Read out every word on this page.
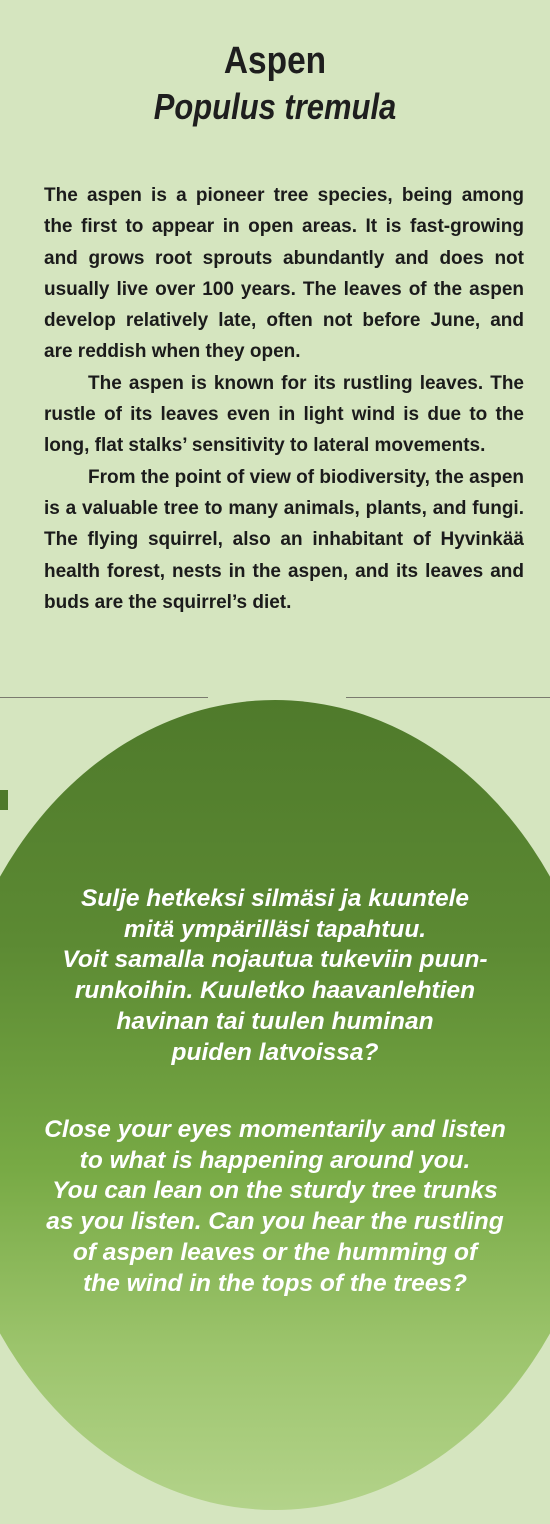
Aspen
Populus tremula

The aspen is a pioneer tree species, being among the first to appear in open areas. It is fast-growing and grows root sprouts abundantly and does not usually live over 100 years. The leaves of the aspen develop relatively late, often not before June, and are reddish when they open.

The aspen is known for its rustling leaves. The rustle of its leaves even in light wind is due to the long, flat stalks’ sensitivity to lateral movements.

From the point of view of biodiversity, the aspen is a valuable tree to many animals, plants, and fungi. The flying squirrel, also an inhabitant of Hyvinkää health forest, nests in the aspen, and its leaves and buds are the squirrel’s diet.

Sulje hetkeksi silmäsi ja kuuntele
mitä ympärilläsi tapahtuu.
Voit samalla nojautua tukeviin puun-
runkoihin. Kuuletko haavanlehtien
havinan tai tuulen huminan
puiden latvoissa?

Close your eyes momentarily and listen
to what is happening around you.
You can lean on the sturdy tree trunks
as you listen. Can you hear the rustling
of aspen leaves or the humming of
the wind in the tops of the trees?
